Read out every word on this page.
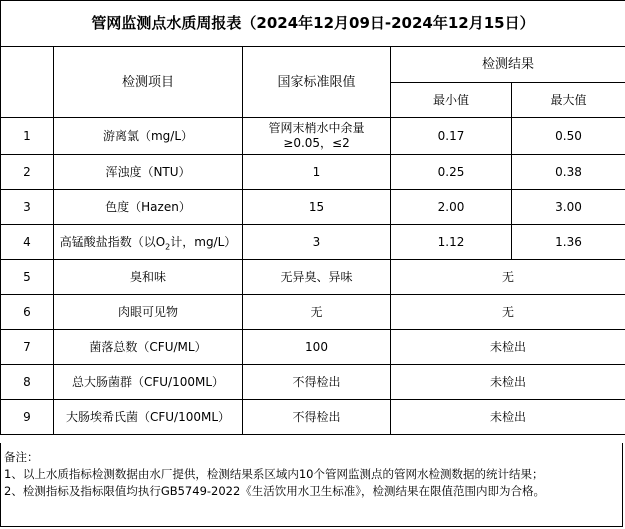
管网监测点水质周报表（2024年12月09日-2024年12月15日）				
	检测项目	国家标准限值	检测结果	
			最小值	最大值
1	游离氯（mg/L）	管网末梢水中余量≥0.05，≤2	0.17	0.50
2	浑浊度（NTU）	1	0.25	0.38
3	色度（Hazen）	15	2.00	3.00
4	高锰酸盐指数（以$O_2$计，mg/L）	3	1.12	1.36
5	臭和味	无异臭、异味	无	
6	肉眼可见物	无	无	
7	菌落总数（CFU/ML）	100	未检出	
8	总大肠菌群（CFU/100ML）	不得检出	未检出	
9	大肠埃希氏菌（CFU/100ML）	不得检出	未检出	
备注：
1、以上水质指标检测数据由水厂提供，检测结果系区域内10个管网监测点的管网水检测数据的统计结果；
2、检测指标及指标限值均执行GB5749-2022《生活饮用水卫生标准》，检测结果在限值范围内即为合格。
